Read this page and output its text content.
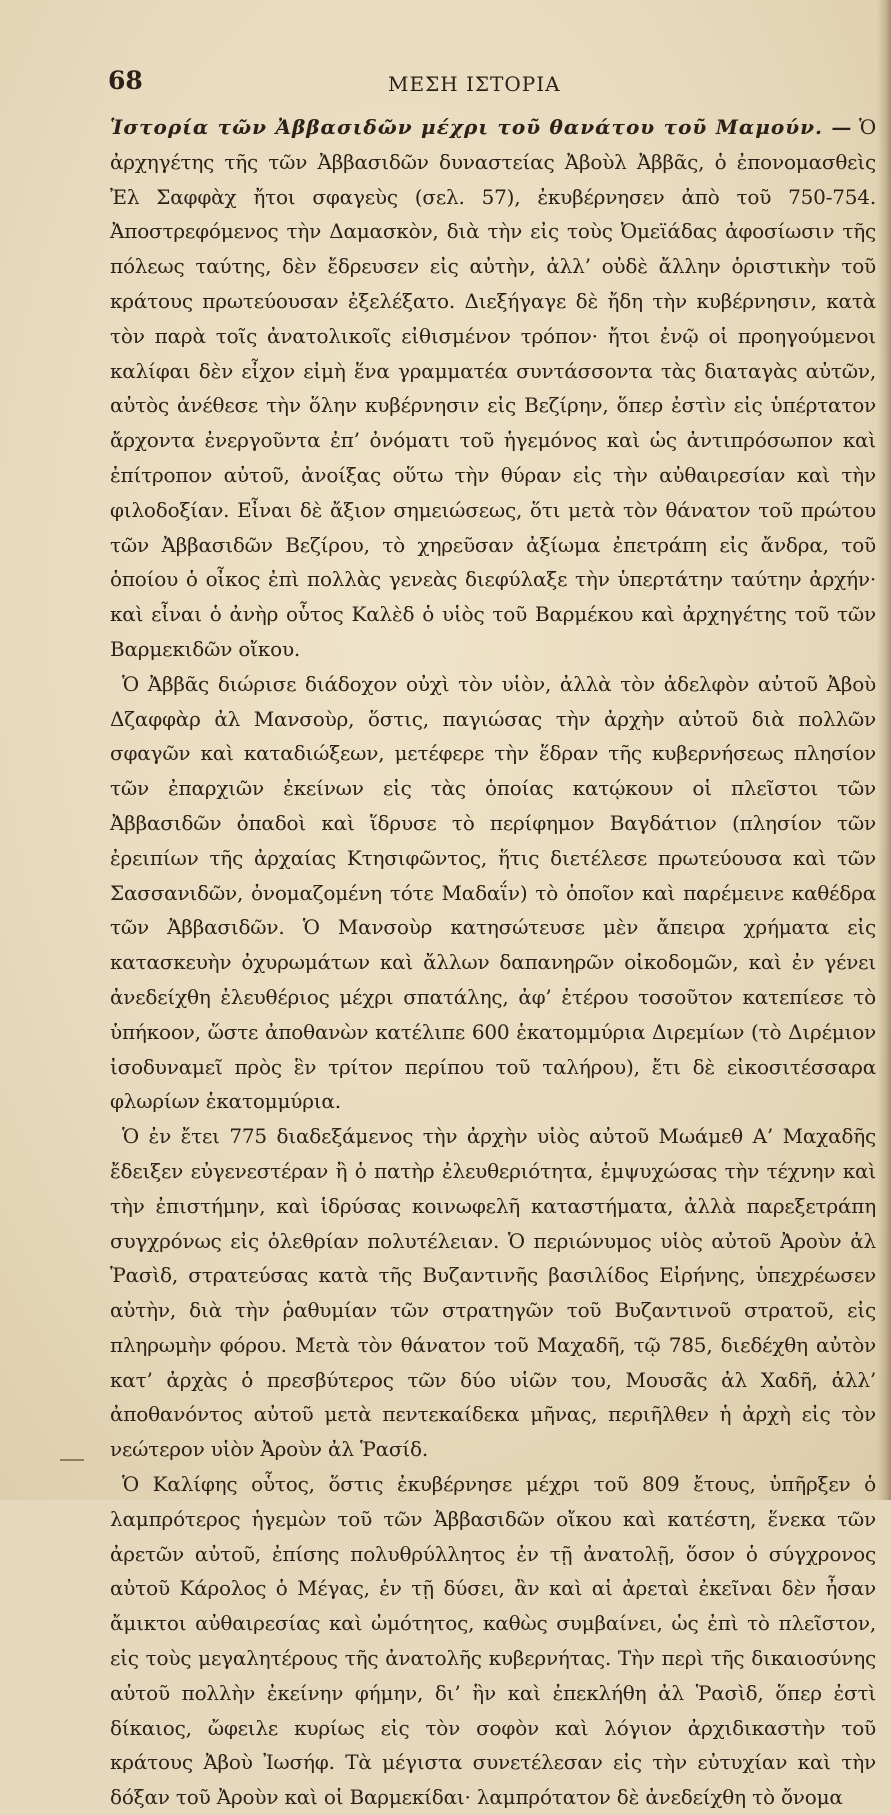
68	ΜΕΣΗ ΙΣΤΟΡΙΑ

Ἱστορία τῶν Ἀββασιδῶν μέχρι τοῦ θανάτου τοῦ Μαμούν. — Ὁ ἀρχηγέτης τῆς τῶν Ἀββασιδῶν δυναστείας Ἀβοὺλ Ἀββᾶς, ὁ ἐπονομασθεὶς Ἐλ Σαφφὰχ ἤτοι σφαγεὺς (σελ. 57), ἐκυβέρνησεν ἀπὸ τοῦ 750-754. Ἀποστρεφόμενος τὴν Δαμασκὸν, διὰ τὴν εἰς τοὺς Ὀμεϊάδας ἀφοσίωσιν τῆς πόλεως ταύτης, δὲν ἔδρευσεν εἰς αὐτὴν, ἀλλ’ οὐδὲ ἄλλην ὁριστικὴν τοῦ κράτους πρωτεύουσαν ἐξελέξατο. Διεξήγαγε δὲ ἤδη τὴν κυβέρνησιν, κατὰ τὸν παρὰ τοῖς ἀνατολικοῖς εἰθισμένον τρόπον· ἤτοι ἐνῷ οἱ προηγούμενοι καλίφαι δὲν εἶχον εἰμὴ ἕνα γραμματέα συντάσσοντα τὰς διαταγὰς αὐτῶν, αὐτὸς ἀνέθεσε τὴν ὅλην κυβέρνησιν εἰς Βεζίρην, ὅπερ ἐστὶν εἰς ὑπέρτατον ἄρχοντα ἐνεργοῦντα ἐπ’ ὀνόματι τοῦ ἡγεμόνος καὶ ὡς ἀντιπρόσωπον καὶ ἐπίτροπον αὐτοῦ, ἀνοίξας οὕτω τὴν θύραν εἰς τὴν αὐθαιρεσίαν καὶ τὴν φιλοδοξίαν. Εἶναι δὲ ἄξιον σημειώσεως, ὅτι μετὰ τὸν θάνατον τοῦ πρώτου τῶν Ἀββασιδῶν Βεζίρου, τὸ χηρεῦσαν ἀξίωμα ἐπετράπη εἰς ἄνδρα, τοῦ ὁποίου ὁ οἶκος ἐπὶ πολλὰς γενεὰς διεφύλαξε τὴν ὑπερτάτην ταύτην ἀρχήν· καὶ εἶναι ὁ ἀνὴρ οὗτος Καλὲδ ὁ υἱὸς τοῦ Βαρμέκου καὶ ἀρχηγέτης τοῦ τῶν Βαρμεκιδῶν οἴκου.

Ὁ Ἀββᾶς διώρισε διάδοχον οὐχὶ τὸν υἱὸν, ἀλλὰ τὸν ἀδελφὸν αὐτοῦ Ἀβοὺ Δζαφφὰρ ἀλ Μανσοὺρ, ὅστις, παγιώσας τὴν ἀρχὴν αὐτοῦ διὰ πολλῶν σφαγῶν καὶ καταδιώξεων, μετέφερε τὴν ἕδραν τῆς κυβερνήσεως πλησίον τῶν ἐπαρχιῶν ἐκείνων εἰς τὰς ὁποίας κατῴκουν οἱ πλεῖστοι τῶν Ἀββασιδῶν ὀπαδοὶ καὶ ἵδρυσε τὸ περίφημον Βαγδάτιον (πλησίον τῶν ἐρειπίων τῆς ἀρχαίας Κτησιφῶντος, ἥτις διετέλεσε πρωτεύουσα καὶ τῶν Σασσανιδῶν, ὀνομαζομένη τότε Μαδαΐν) τὸ ὁποῖον καὶ παρέμεινε καθέδρα τῶν Ἀββασιδῶν. Ὁ Μανσοὺρ κατησώτευσε μὲν ἄπειρα χρήματα εἰς κατασκευὴν ὀχυρωμάτων καὶ ἄλλων δαπανηρῶν οἰκοδομῶν, καὶ ἐν γένει ἀνεδείχθη ἐλευθέριος μέχρι σπατάλης, ἀφ’ ἑτέρου τοσοῦτον κατεπίεσε τὸ ὑπήκοον, ὥστε ἀποθανὼν κατέλιπε 600 ἑκατομμύρια Διρεμίων (τὸ Διρέμιον ἰσοδυναμεῖ πρὸς ἓν τρίτον περίπου τοῦ ταλήρου), ἔτι δὲ εἰκοσιτέσσαρα φλωρίων ἑκατομμύρια.

Ὁ ἐν ἔτει 775 διαδεξάμενος τὴν ἀρχὴν υἱὸς αὐτοῦ Μωάμεθ Α’ Μαχαδῆς ἔδειξεν εὐγενεστέραν ἢ ὁ πατὴρ ἐλευθεριότητα, ἐμψυχώσας τὴν τέχνην καὶ τὴν ἐπιστήμην, καὶ ἱδρύσας κοινωφελῆ καταστήματα, ἀλλὰ παρεξετράπη συγχρόνως εἰς ὀλεθρίαν πολυτέλειαν. Ὁ περιώνυμος υἱὸς αὐτοῦ Ἀροὺν ἀλ Ῥασὶδ, στρατεύσας κατὰ τῆς Βυζαντινῆς βασιλίδος Εἰρήνης, ὑπεχρέωσεν αὐτὴν, διὰ τὴν ῥαθυμίαν τῶν στρατηγῶν τοῦ Βυζαντινοῦ στρατοῦ, εἰς πληρωμὴν φόρου. Μετὰ τὸν θάνατον τοῦ Μαχαδῆ, τῷ 785, διεδέχθη αὐτὸν κατ’ ἀρχὰς ὁ πρεσβύτερος τῶν δύο υἱῶν του, Μουσᾶς ἀλ Χαδῆ, ἀλλ’ ἀποθανόντος αὐτοῦ μετὰ πεντεκαίδεκα μῆνας, περιῆλθεν ἡ ἀρχὴ εἰς τὸν νεώτερον υἱὸν Ἀροὺν ἀλ Ῥασίδ.

Ὁ Καλίφης οὗτος, ὅστις ἐκυβέρνησε μέχρι τοῦ 809 ἔτους, ὑπῆρξεν ὁ λαμπρότερος ἡγεμὼν τοῦ τῶν Ἀββασιδῶν οἴκου καὶ κατέστη, ἕνεκα τῶν ἀρετῶν αὐτοῦ, ἐπίσης πολυθρύλλητος ἐν τῇ ἀνατολῇ, ὅσον ὁ σύγχρονος αὐτοῦ Κάρολος ὁ Μέγας, ἐν τῇ δύσει, ἂν καὶ αἱ ἀρεταὶ ἐκεῖναι δὲν ἦσαν ἄμικτοι αὐθαιρεσίας καὶ ὠμότητος, καθὼς συμβαίνει, ὡς ἐπὶ τὸ πλεῖστον, εἰς τοὺς μεγαλητέρους τῆς ἀνατολῆς κυβερνήτας. Τὴν περὶ τῆς δικαιοσύνης αὐτοῦ πολλὴν ἐκείνην φήμην, δι’ ἣν καὶ ἐπεκλήθη ἀλ Ῥασὶδ, ὅπερ ἐστὶ δίκαιος, ὤφειλε κυρίως εἰς τὸν σοφὸν καὶ λόγιον ἀρχιδικαστὴν τοῦ κράτους Ἀβοὺ Ἰωσήφ. Τὰ μέγιστα συνετέλεσαν εἰς τὴν εὐτυχίαν καὶ τὴν δόξαν τοῦ Ἀροὺν καὶ οἱ Βαρμεκίδαι· λαμπρότατον δὲ ἀνεδείχθη τὸ ὄνομα
